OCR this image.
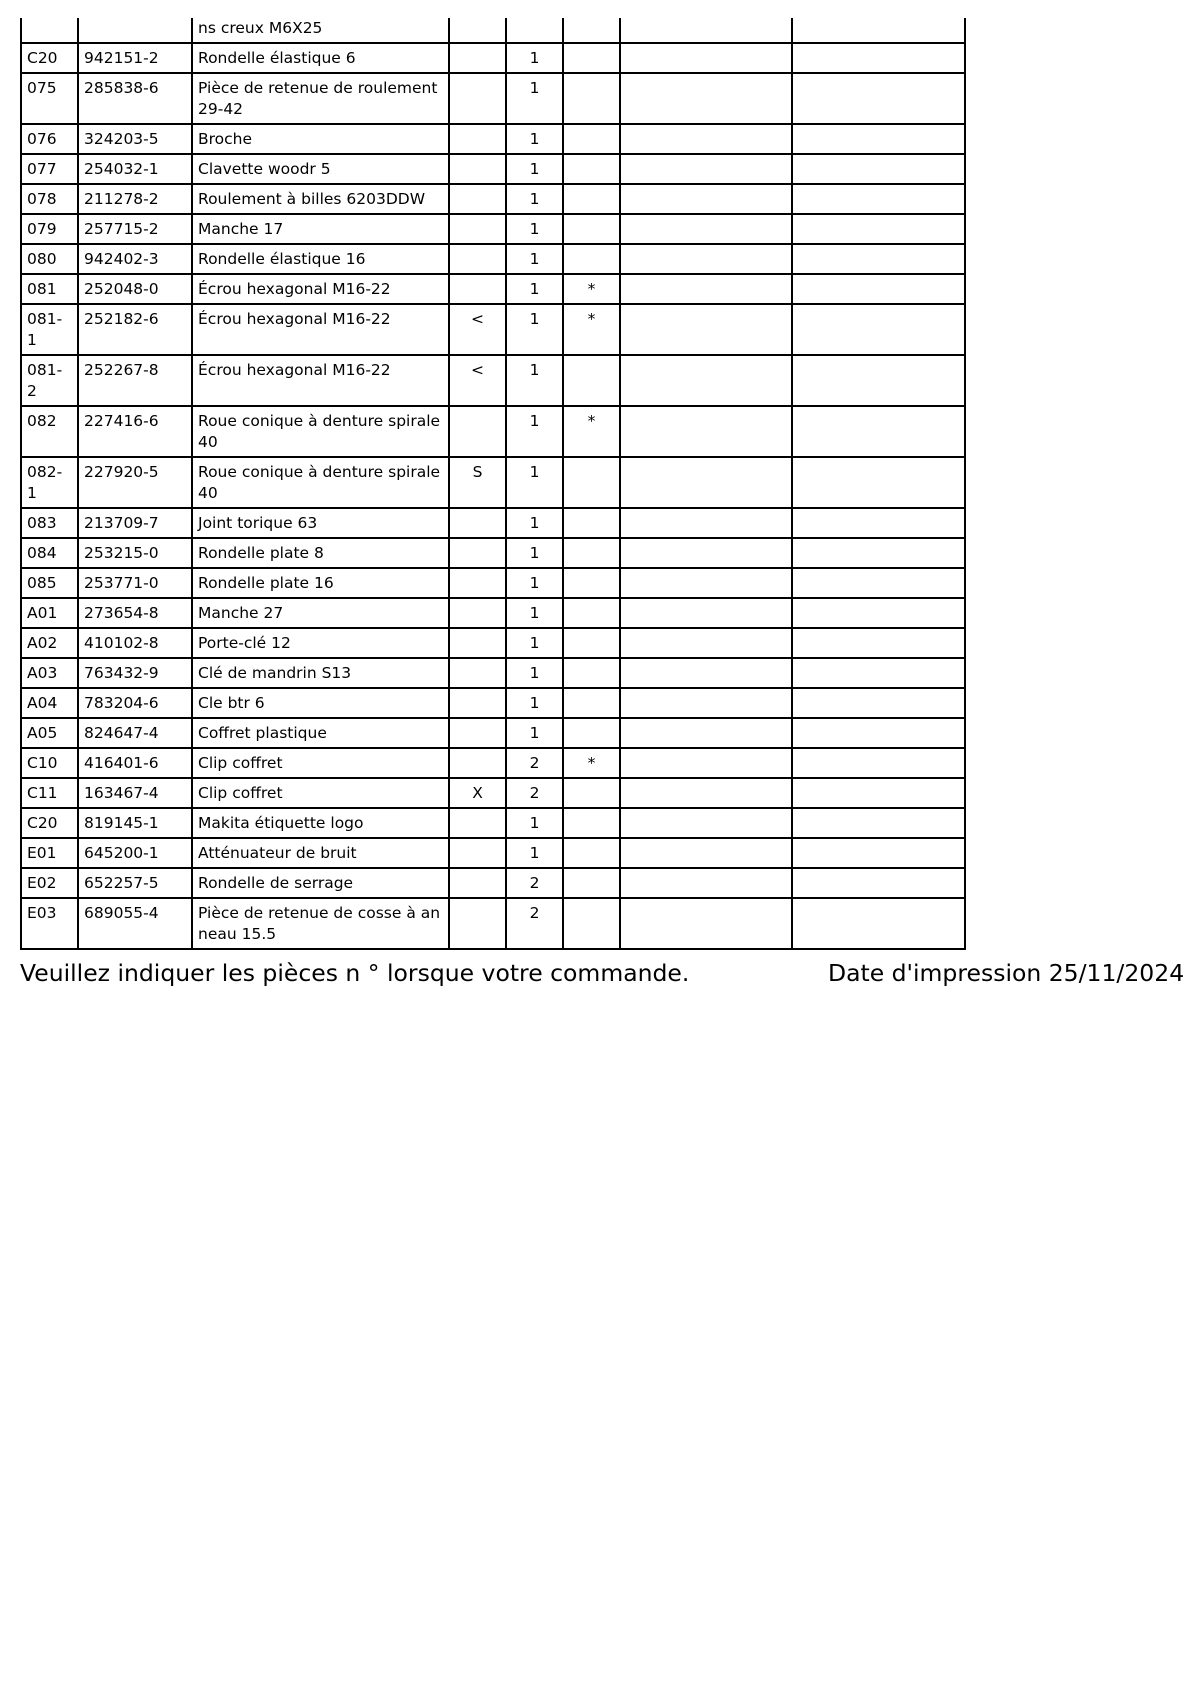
		ns creux M6X25					
C20	942151-2	Rondelle élastique 6		1			
075	285838-6	Pièce de retenue de roulement 29-42		1			
076	324203-5	Broche		1			
077	254032-1	Clavette woodr 5		1			
078	211278-2	Roulement à billes 6203DDW		1			
079	257715-2	Manche 17		1			
080	942402-3	Rondelle élastique 16		1			
081	252048-0	Écrou hexagonal M16-22		1	*		
081-1	252182-6	Écrou hexagonal M16-22	<	1	*		
081-2	252267-8	Écrou hexagonal M16-22	<	1			
082	227416-6	Roue conique à denture spirale 40		1	*		
082-1	227920-5	Roue conique à denture spirale 40	S	1			
083	213709-7	Joint torique 63		1			
084	253215-0	Rondelle plate 8		1			
085	253771-0	Rondelle plate 16		1			
A01	273654-8	Manche 27		1			
A02	410102-8	Porte-clé 12		1			
A03	763432-9	Clé de mandrin S13		1			
A04	783204-6	Cle btr 6		1			
A05	824647-4	Coffret plastique		1			
C10	416401-6	Clip coffret		2	*		
C11	163467-4	Clip coffret	X	2			
C20	819145-1	Makita étiquette logo		1			
E01	645200-1	Atténuateur de bruit		1			
E02	652257-5	Rondelle de serrage		2			
E03	689055-4	Pièce de retenue de cosse à anneau 15.5		2			
Veuillez indiquer les pièces n ° lorsque votre commande.	Date d'impression 25/11/2024
